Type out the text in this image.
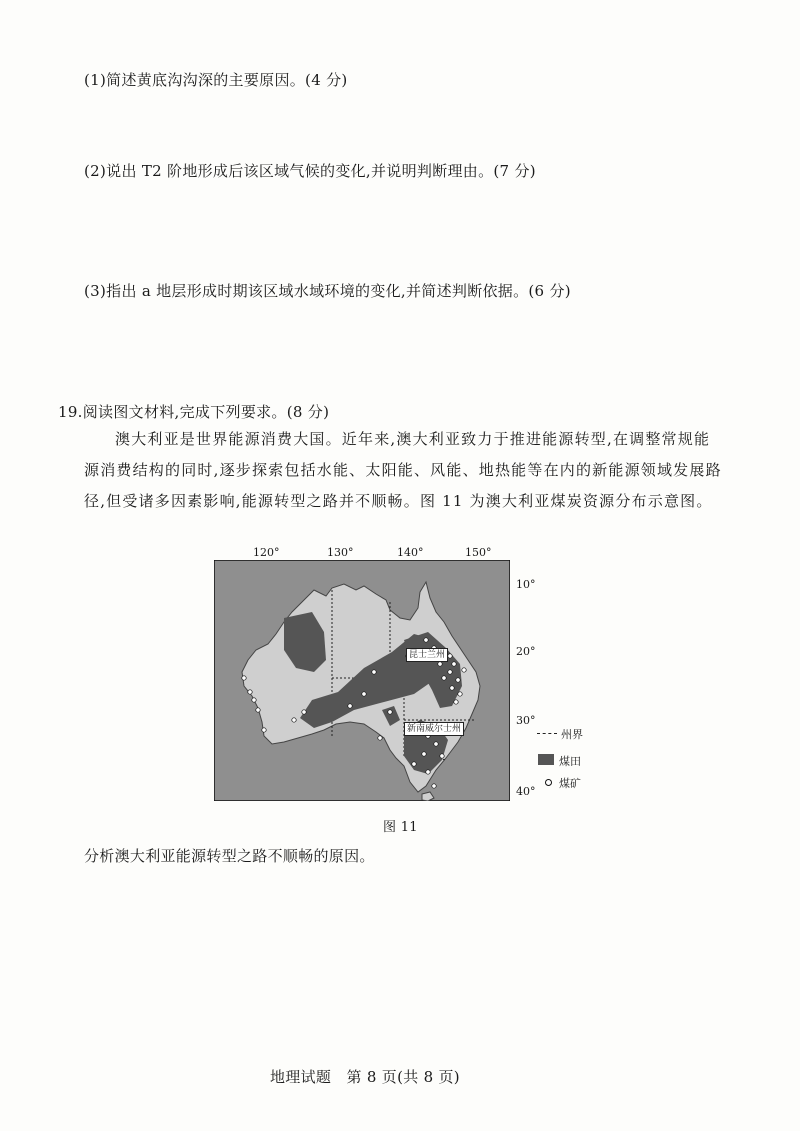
(1)简述黄底沟沟深的主要原因。(4 分)
(2)说出 T2 阶地形成后该区域气候的变化,并说明判断理由。(7 分)
(3)指出 a 地层形成时期该区域水域环境的变化,并简述判断依据。(6 分)
19.阅读图文材料,完成下列要求。(8 分)
澳大利亚是世界能源消费大国。近年来,澳大利亚致力于推进能源转型,在调整常规能源消费结构的同时,逐步探索包括水能、太阳能、风能、地热能等在内的新能源领域发展路径,但受诸多因素影响,能源转型之路并不顺畅。图 11 为澳大利亚煤炭资源分布示意图。
昆士兰州
新南威尔士州
120°	130°	140°	150°
10°
20°
30°
40°
州界
煤田
煤矿
图 11
分析澳大利亚能源转型之路不顺畅的原因。
地理试题　第 8 页(共 8 页)
